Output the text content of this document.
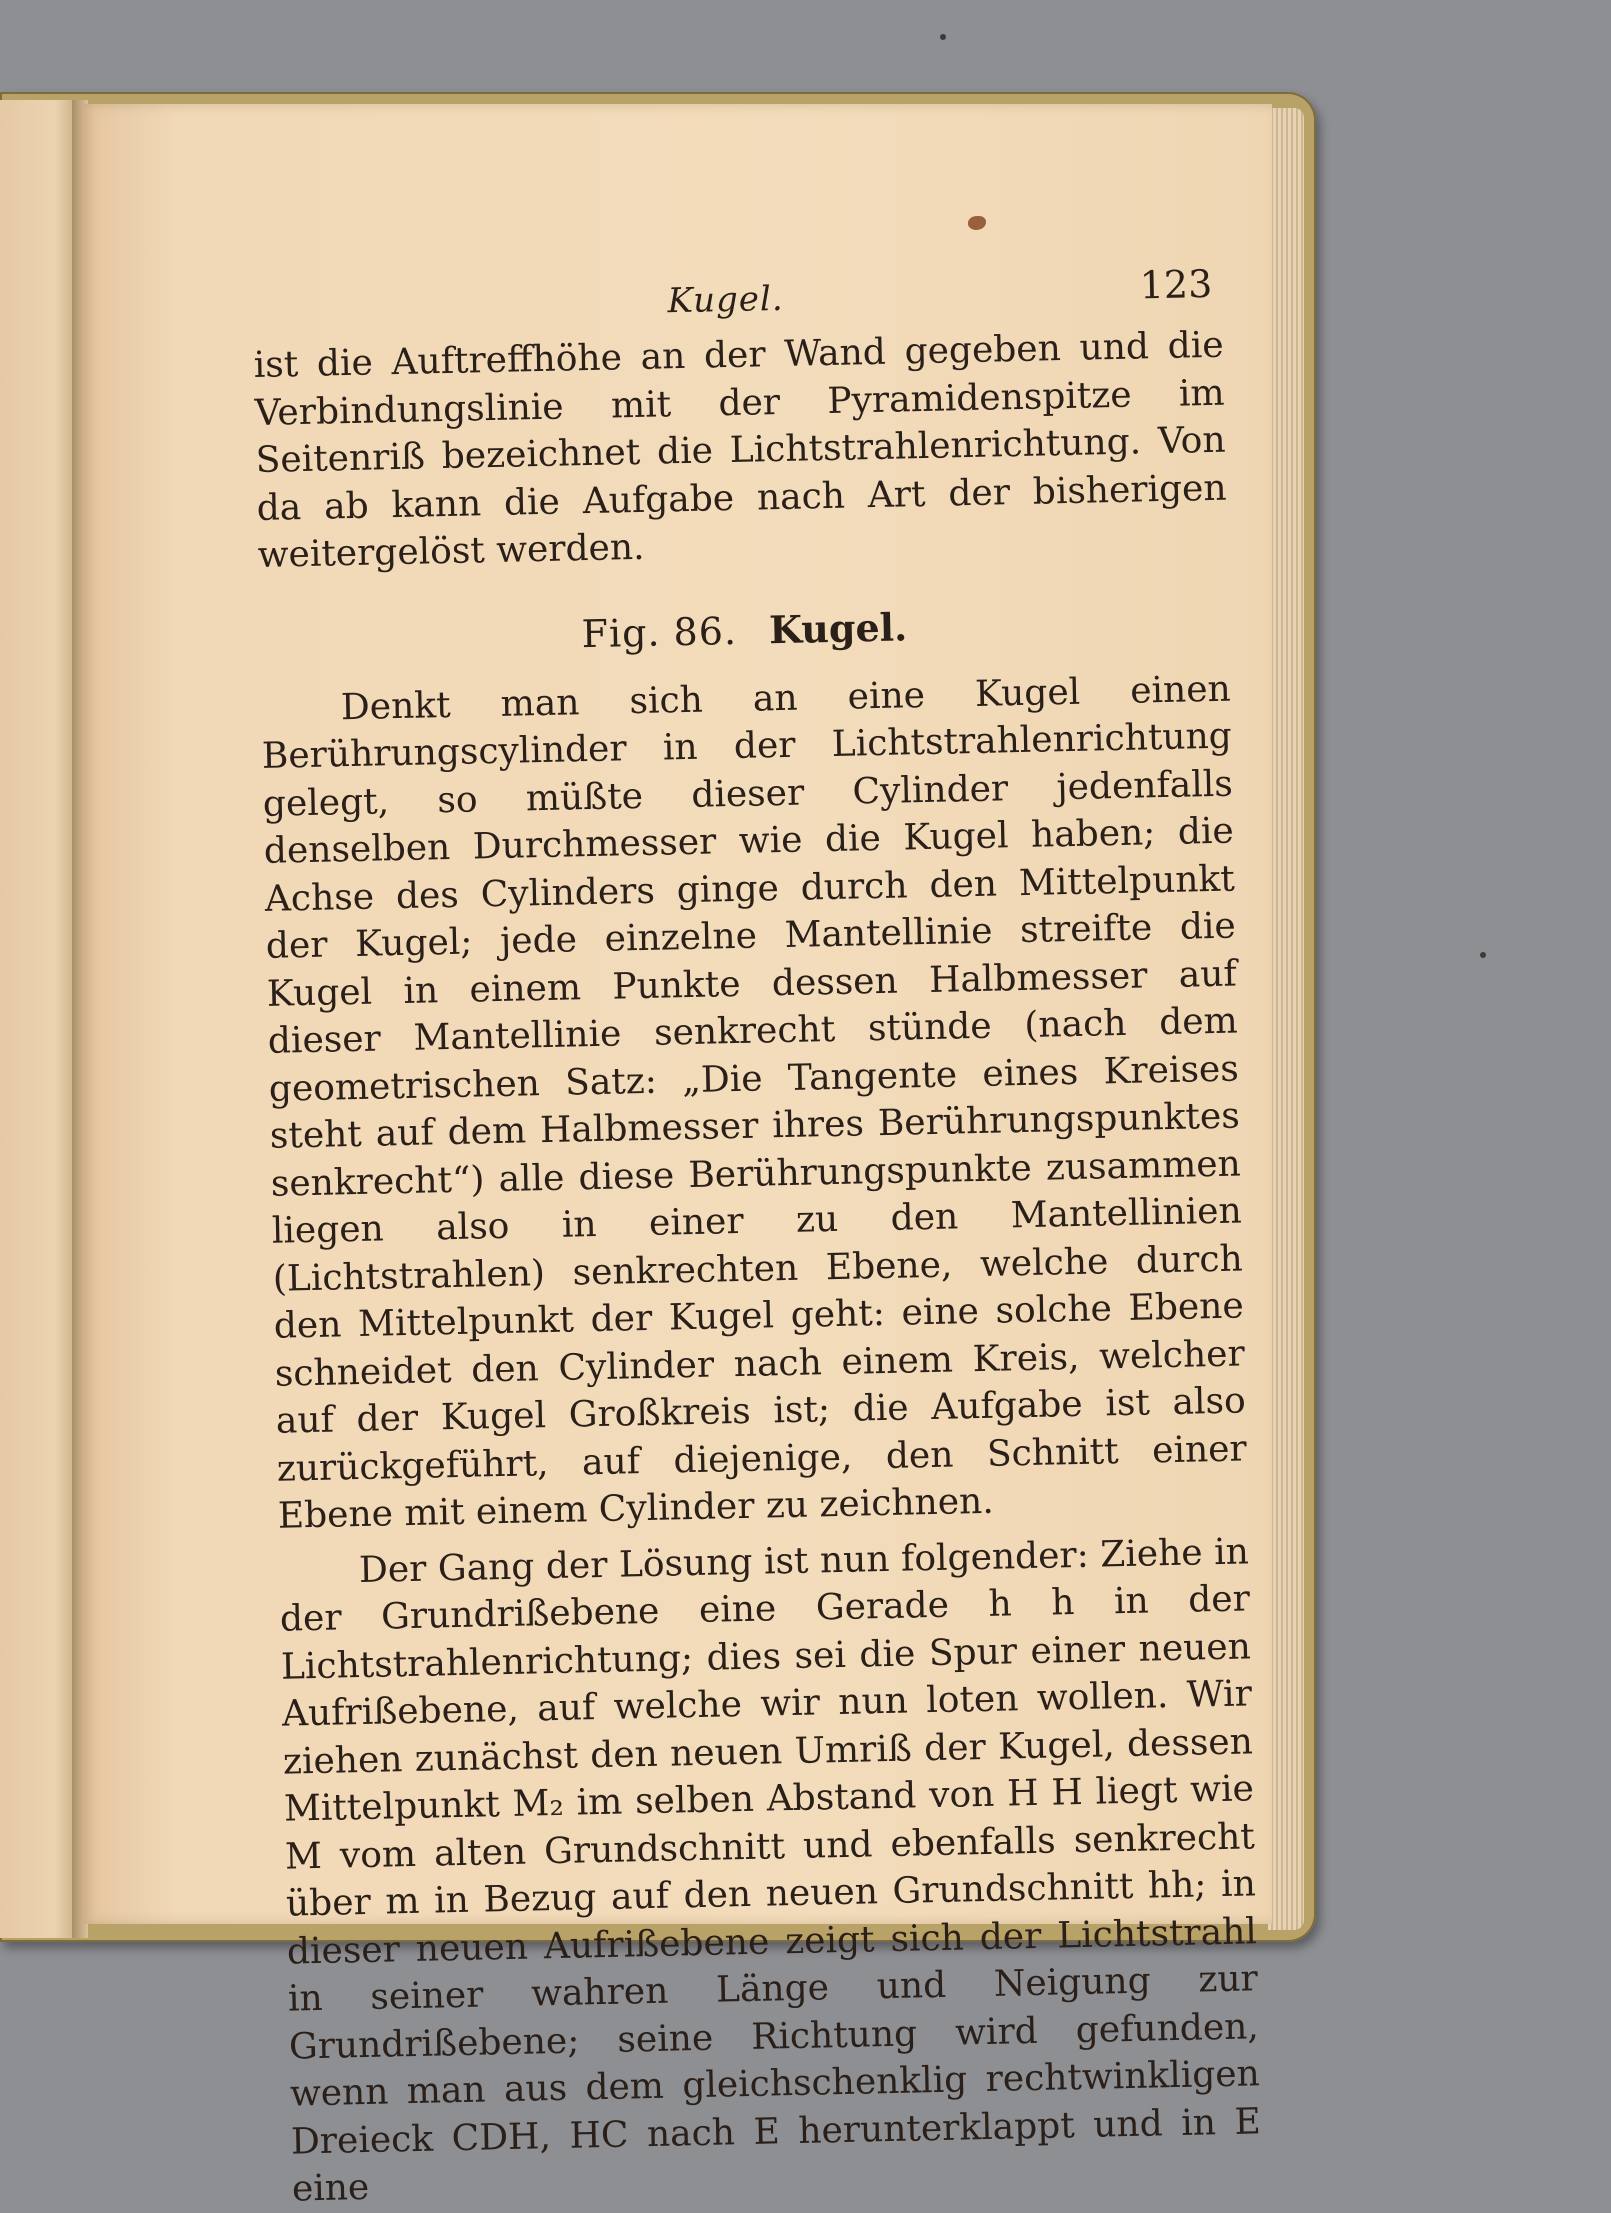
Kugel.	123

ist die Auftreffhöhe an der Wand gegeben und die Verbindungslinie mit der Pyramidenspitze im Seitenriß bezeichnet die Lichtstrahlenrichtung. Von da ab kann die Aufgabe nach Art der bisherigen weitergelöst werden.

Fig. 86. Kugel.

Denkt man sich an eine Kugel einen Berührungscylinder in der Lichtstrahlenrichtung gelegt, so müßte dieser Cylinder jedenfalls denselben Durchmesser wie die Kugel haben; die Achse des Cylinders ginge durch den Mittelpunkt der Kugel; jede einzelne Mantellinie streifte die Kugel in einem Punkte dessen Halbmesser auf dieser Mantellinie senkrecht stünde (nach dem geometrischen Satz: „Die Tangente eines Kreises steht auf dem Halbmesser ihres Berührungspunktes senkrecht“) alle diese Berührungspunkte zusammen liegen also in einer zu den Mantellinien (Lichtstrahlen) senkrechten Ebene, welche durch den Mittelpunkt der Kugel geht: eine solche Ebene schneidet den Cylinder nach einem Kreis, welcher auf der Kugel Großkreis ist; die Aufgabe ist also zurückgeführt, auf diejenige, den Schnitt einer Ebene mit einem Cylinder zu zeichnen.

Der Gang der Lösung ist nun folgender: Ziehe in der Grundrißebene eine Gerade h h in der Lichtstrahlenrichtung; dies sei die Spur einer neuen Aufrißebene, auf welche wir nun loten wollen. Wir ziehen zunächst den neuen Umriß der Kugel, dessen Mittelpunkt M₂ im selben Abstand von H H liegt wie M vom alten Grundschnitt und ebenfalls senkrecht über m in Bezug auf den neuen Grundschnitt hh; in dieser neuen Aufrißebene zeigt sich der Lichtstrahl in seiner wahren Länge und Neigung zur Grundrißebene; seine Richtung wird gefunden, wenn man aus dem gleichschenklig rechtwinkligen Dreieck CDH, HC nach E herunterklappt und in E eine
